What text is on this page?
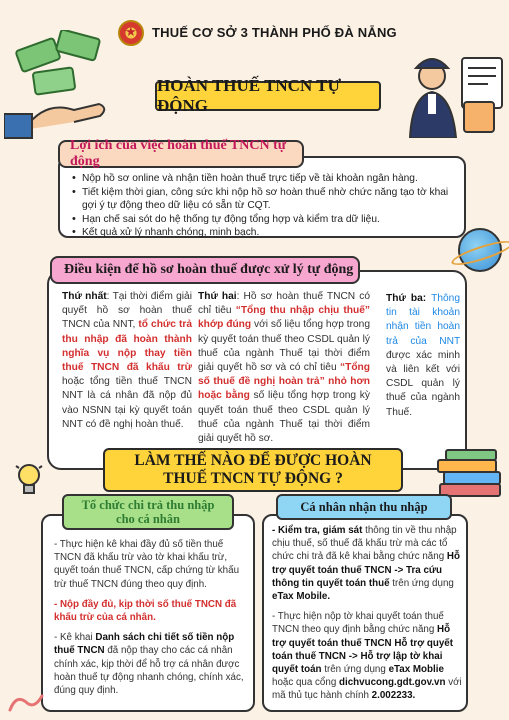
★
THUẾ CƠ SỞ 3 THÀNH PHỐ ĐÀ NẴNG
HOÀN THUẾ TNCN TỰ ĐỘNG
Lợi ích của việc hoàn thuế TNCN tự động
• Nộp hồ sơ online và nhận tiền hoàn thuế trực tiếp về tài khoản ngân hàng.
• Tiết kiệm thời gian, công sức khi nộp hồ sơ hoàn thuế nhờ chức năng tạo tờ khai gợi ý tự động theo dữ liệu có sẵn từ CQT.
• Hạn chế sai sót do hệ thống tự động tổng hợp và kiểm tra dữ liệu.
• Kết quả xử lý nhanh chóng, minh bạch.
Điều kiện để hồ sơ hoàn thuế được xử lý tự động
Thứ nhất: Tại thời điểm giải quyết hồ sơ hoàn thuế TNCN của NNT, tổ chức trả thu nhập đã hoàn thành nghĩa vụ nộp thay tiền thuế TNCN đã khấu trừ hoặc tổng tiền thuế TNCN NNT là cá nhân đã nộp đủ vào NSNN tại kỳ quyết toán NNT có đề nghị hoàn thuế.
Thứ hai: Hồ sơ hoàn thuế TNCN có chỉ tiêu “Tổng thu nhập chịu thuế” khớp đúng với số liệu tổng hợp trong kỳ quyết toán thuế theo CSDL quản lý thuế của ngành Thuế tại thời điểm giải quyết hồ sơ và có chỉ tiêu “Tổng số thuế đề nghị hoàn trả” nhỏ hơn hoặc bằng số liệu tổng hợp trong kỳ quyết toán thuế theo CSDL quản lý thuế của ngành Thuế tại thời điểm giải quyết hồ sơ.
Thứ ba: Thông tin tài khoản nhận tiền hoàn trả của NNT được xác minh và liên kết với CSDL quản lý thuế của ngành Thuế.
LÀM THẾ NÀO ĐỂ ĐƯỢC HOÀN
THUẾ TNCN TỰ ĐỘNG ?
Tổ chức chi trả thu nhập
cho cá nhân

- Thực hiện kê khai đầy đủ số tiền thuế TNCN đã khấu trừ vào tờ khai khấu trừ, quyết toán thuế TNCN, cấp chứng từ khấu trừ thuế TNCN đúng theo quy định.

- Nộp đầy đủ, kịp thời số thuế TNCN đã khấu trừ của cá nhân.

- Kê khai Danh sách chi tiết số tiền nộp thuế TNCN đã nộp thay cho các cá nhân chính xác, kịp thời để hỗ trợ cá nhân được hoàn thuế tự động nhanh chóng, chính xác, đúng quy định.

Cá nhân nhận thu nhập

- Kiểm tra, giám sát thông tin về thu nhập chịu thuế, số thuế đã khấu trừ mà các tổ chức chi trả đã kê khai bằng chức năng Hỗ trợ quyết toán thuế TNCN -> Tra cứu thông tin quyết toán thuế trên ứng dụng eTax Mobile.

- Thực hiện nộp tờ khai quyết toán thuế TNCN theo quy định bằng chức năng Hỗ trợ quyết toán thuế TNCN Hỗ trợ quyết toán thuế TNCN -> Hỗ trợ lập tờ khai quyết toán trên ứng dụng eTax Moblie hoặc qua cổng dichvucong.gdt.gov.vn với mã thủ tục hành chính 2.002233.
